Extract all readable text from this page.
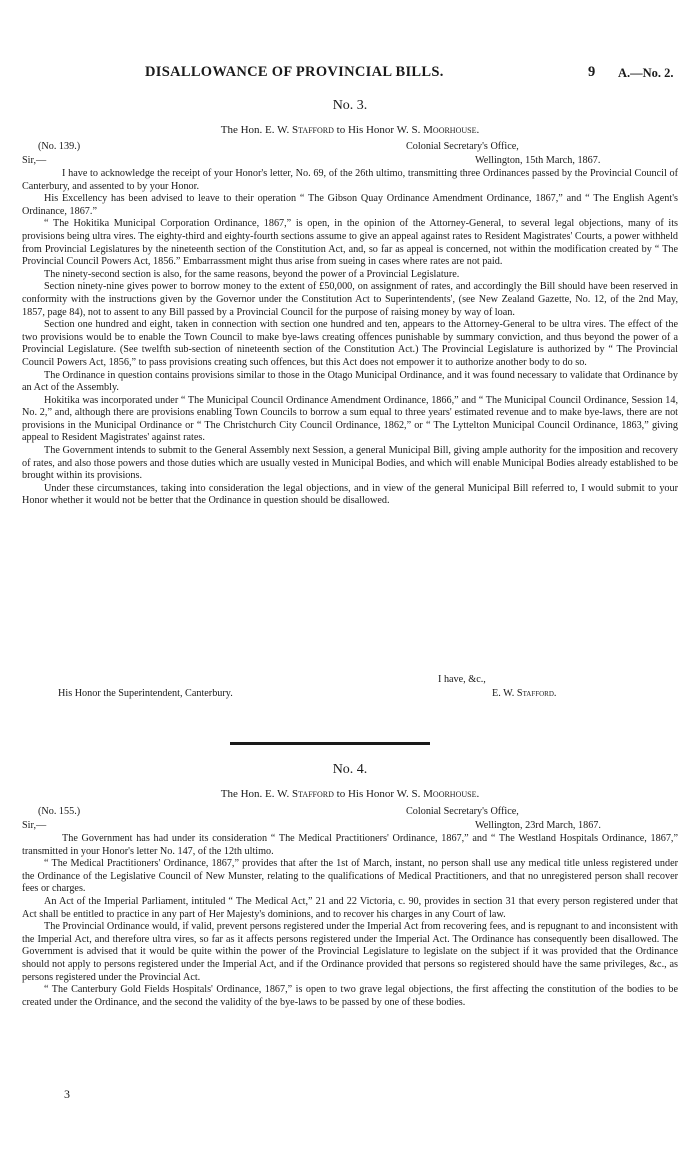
DISALLOWANCE OF PROVINCIAL BILLS.	9 A.—No. 2.
No. 3.
The Hon. E. W. Stafford to His Honor W. S. Moorhouse.
(No. 139.)	Colonial Secretary's Office,
Sir,—	Wellington, 15th March, 1867.

I have to acknowledge the receipt of your Honor's letter, No. 69, of the 26th ultimo, transmitting three Ordinances passed by the Provincial Council of Canterbury, and assented to by your Honor.

His Excellency has been advised to leave to their operation “ The Gibson Quay Ordinance Amendment Ordinance, 1867,” and “ The English Agent's Ordinance, 1867.”

“ The Hokitika Municipal Corporation Ordinance, 1867,” is open, in the opinion of the Attorney-General, to several legal objections, many of its provisions being ultra vires. The eighty-third and eighty-fourth sections assume to give an appeal against rates to Resident Magistrates' Courts, a power withheld from Provincial Legislatures by the nineteenth section of the Constitution Act, and, so far as appeal is concerned, not within the modification created by “ The Provincial Council Powers Act, 1856.” Embarrassment might thus arise from sueing in cases where rates are not paid.

The ninety-second section is also, for the same reasons, beyond the power of a Provincial Legislature.

Section ninety-nine gives power to borrow money to the extent of £50,000, on assignment of rates, and accordingly the Bill should have been reserved in conformity with the instructions given by the Governor under the Constitution Act to Superintendents', (see New Zealand Gazette, No. 12, of the 2nd May, 1857, page 84), not to assent to any Bill passed by a Provincial Council for the purpose of raising money by way of loan.

Section one hundred and eight, taken in connection with section one hundred and ten, appears to the Attorney-General to be ultra vires. The effect of the two provisions would be to enable the Town Council to make bye-laws creating offences punishable by summary conviction, and thus beyond the power of a Provincial Legislature. (See twelfth sub-section of nineteenth section of the Constitution Act.) The Provincial Legislature is authorized by “ The Provincial Council Powers Act, 1856,” to pass provisions creating such offences, but this Act does not empower it to authorize another body to do so.

The Ordinance in question contains provisions similar to those in the Otago Municipal Ordinance, and it was found necessary to validate that Ordinance by an Act of the Assembly.

Hokitika was incorporated under “ The Municipal Council Ordinance Amendment Ordinance, 1866,” and “ The Municipal Council Ordinance, Session 14, No. 2,” and, although there are provisions enabling Town Councils to borrow a sum equal to three years' estimated revenue and to make bye-laws, there are not provisions in the Municipal Ordinance or “ The Christchurch City Council Ordinance, 1862,” or “ The Lyttelton Municipal Council Ordinance, 1863,” giving appeal to Resident Magistrates' against rates.

The Government intends to submit to the General Assembly next Session, a general Municipal Bill, giving ample authority for the imposition and recovery of rates, and also those powers and those duties which are usually vested in Municipal Bodies, and which will enable Municipal Bodies already established to be brought within its provisions.

Under these circumstances, taking into consideration the legal objections, and in view of the general Municipal Bill referred to, I would submit to your Honor whether it would not be better that the Ordinance in question should be disallowed.

I have, &c.,
His Honor the Superintendent, Canterbury.	E. W. Stafford.
No. 4.
The Hon. E. W. Stafford to His Honor W. S. Moorhouse.
(No. 155.)	Colonial Secretary's Office,
Sir,—	Wellington, 23rd March, 1867.

The Government has had under its consideration “ The Medical Practitioners' Ordinance, 1867,” and “ The Westland Hospitals Ordinance, 1867,” transmitted in your Honor's letter No. 147, of the 12th ultimo.

“ The Medical Practitioners' Ordinance, 1867,” provides that after the 1st of March, instant, no person shall use any medical title unless registered under the Ordinance of the Legislative Council of New Munster, relating to the qualifications of Medical Practitioners, and that no unregistered person shall recover fees or charges.

An Act of the Imperial Parliament, intituled “ The Medical Act,” 21 and 22 Victoria, c. 90, provides in section 31 that every person registered under that Act shall be entitled to practice in any part of Her Majesty's dominions, and to recover his charges in any Court of law.

The Provincial Ordinance would, if valid, prevent persons registered under the Imperial Act from recovering fees, and is repugnant to and inconsistent with the Imperial Act, and therefore ultra vires, so far as it affects persons registered under the Imperial Act. The Ordinance has consequently been disallowed. The Government is advised that it would be quite within the power of the Provincial Legislature to legislate on the subject if it was provided that the Ordinance should not apply to persons registered under the Imperial Act, and if the Ordinance provided that persons so registered should have the same privileges, &c., as persons registered under the Provincial Act.

“ The Canterbury Gold Fields Hospitals' Ordinance, 1867,” is open to two grave legal objections, the first affecting the constitution of the bodies to be created under the Ordinance, and the second the validity of the bye-laws to be passed by one of these bodies.

3
